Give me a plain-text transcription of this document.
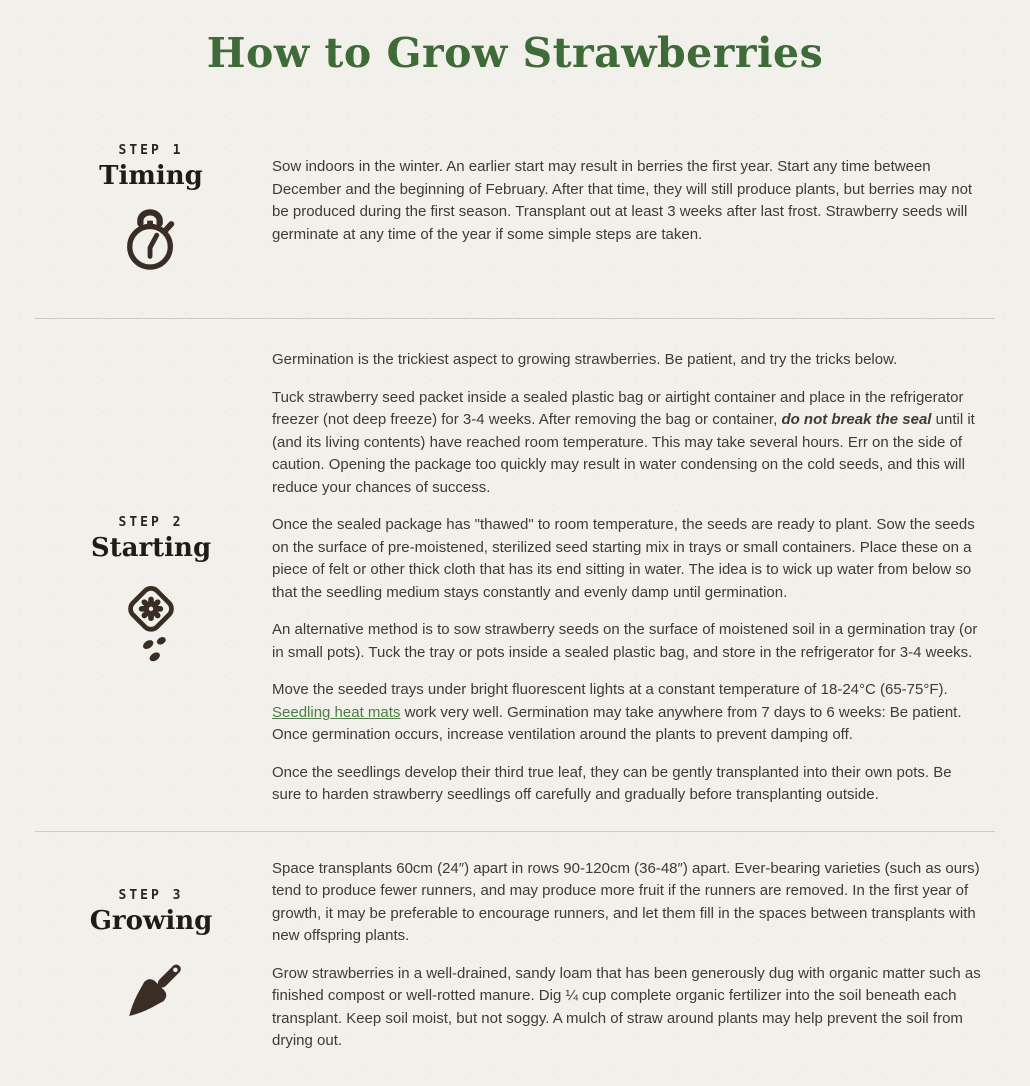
How to Grow Strawberries
STEP 1
Timing	Sow indoors in the winter. An earlier start may result in berries the first year. Start any time between December and the beginning of February. After that time, they will still produce plants, but berries may not be produced during the first season. Transplant out at least 3 weeks after last frost. Strawberry seeds will germinate at any time of the year if some simple steps are taken.

STEP 2
Starting

Germination is the trickiest aspect to growing strawberries. Be patient, and try the tricks below.

Tuck strawberry seed packet inside a sealed plastic bag or airtight container and place in the refrigerator freezer (not deep freeze) for 3-4 weeks. After removing the bag or container, do not break the seal until it (and its living contents) have reached room temperature. This may take several hours. Err on the side of caution. Opening the package too quickly may result in water condensing on the cold seeds, and this will reduce your chances of success.

Once the sealed package has "thawed" to room temperature, the seeds are ready to plant. Sow the seeds on the surface of pre-moistened, sterilized seed starting mix in trays or small containers. Place these on a piece of felt or other thick cloth that has its end sitting in water. The idea is to wick up water from below so that the seedling medium stays constantly and evenly damp until germination.

An alternative method is to sow strawberry seeds on the surface of moistened soil in a germination tray (or in small pots). Tuck the tray or pots inside a sealed plastic bag, and store in the refrigerator for 3-4 weeks.

Move the seeded trays under bright fluorescent lights at a constant temperature of 18-24°C (65-75°F). Seedling heat mats work very well. Germination may take anywhere from 7 days to 6 weeks: Be patient. Once germination occurs, increase ventilation around the plants to prevent damping off.

Once the seedlings develop their third true leaf, they can be gently transplanted into their own pots. Be sure to harden strawberry seedlings off carefully and gradually before transplanting outside.

STEP 3
Growing

Space transplants 60cm (24″) apart in rows 90-120cm (36-48″) apart. Ever-bearing varieties (such as ours) tend to produce fewer runners, and may produce more fruit if the runners are removed. In the first year of growth, it may be preferable to encourage runners, and let them fill in the spaces between transplants with new offspring plants.

Grow strawberries in a well-drained, sandy loam that has been generously dug with organic matter such as finished compost or well-rotted manure. Dig ¼ cup complete organic fertilizer into the soil beneath each transplant. Keep soil moist, but not soggy. A mulch of straw around plants may help prevent the soil from drying out.
